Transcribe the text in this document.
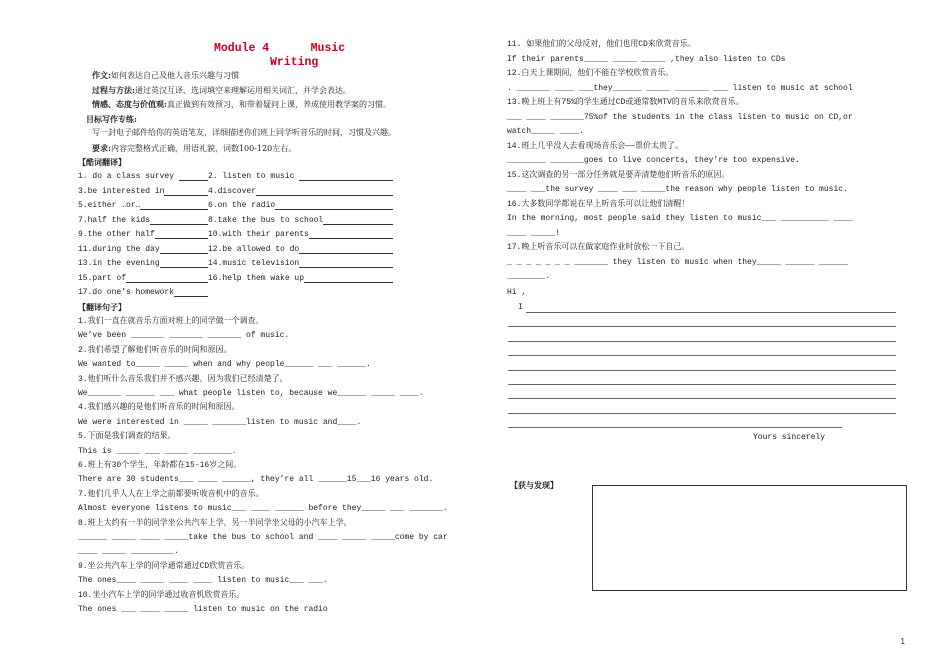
Module 4	Music
Writing
作文:如何表达自己及他人音乐兴趣与习惯
过程与方法:通过英汉互译、选词填空来理解运用相关词汇，并学会表达。
情感、态度与价值观:真正做到有效预习，和带着疑问上课，养成使用教学案的习惯。
目标写作专练:
写一封电子邮件给你的英语笔友，详细描述你们班上同学听音乐的时间，习惯及兴趣。
要求:内容完整格式正确，用语礼貌，词数100-120左右。
【酷词翻译】
1. do a class survey	2. listen to music
3.be interested in	4.discover
5.either …or…	6.on the radio
7.half the kids	8.take the bus to school
9.the other half	10.with their parents
11.during the day	12.be allowed to do
13.in the evening	14.music television
15.part of	16.help them wake up
17.do one’s homework
【翻译句子】
1.我们一直在就音乐方面对班上的同学做一个调查。
We’ve been _______ _______ _______ of music.
2.我们希望了解他们听音乐的时间和原因。
We wanted to_____ _____ when and why people______ ___ ______.
3.他们听什么音乐我们并不感兴趣，因为我们已经清楚了。
We_______ ______ ___ what people listen to, because we______ _____ ____.
4.我们感兴趣的是他们听音乐的时间和原因。
We were interested in _____ _______listen to music and____.
5.下面是我们调查的结果。
This is _____ ___ _____ ________.
6.班上有30个学生，年龄都在15-16岁之间。
There are 30 students___ ____ ______, they’re all ______15___16 years old.
7.他们几乎人人在上学之前都要听收音机中的音乐。
Almost everyone listens to music___ ____ ______ before they_____ ___ _______.
8.班上大约有一半的同学坐公共汽车上学，另一半同学坐父母的小汽车上学。
______ _____ ____ _____take the bus to school and ____ _____ _____come by car
____ _____ _________.
9.坐公共汽车上学的同学通常通过CD欣赏音乐。
The ones____ _____ ____ ____ listen to music___ ___.
10.坐小汽车上学的同学通过收音机欣赏音乐。
The ones ___ ____ _____ listen to music on the radio
11. 如果他们的父母反对，他们也用CD来欣赏音乐。
If their parents_____ _____ _____ ,they also listen to CDs
12.白天上课期间，他们不能在学校欣赏音乐。
. _______ ____ ___they______ _____ _______ ___ listen to music at school
13.晚上班上有75%的学生通过CD或通常数MTV的音乐来欣赏音乐。
___ ____ _______75%of the students in the class listen to music on CD,or
watch_____ ____.
14.班上几乎没人去看现场音乐会——票价太贵了。
________ _______goes to live concerts, they’re too expensive.
15.这次调查的另一部分任务就是要弄清楚他们听音乐的原因。
____ ___the survey ____ ___ _____the reason why people listen to music.
16.大多数同学都说在早上听音乐可以让他们清醒！
In the morning, most people said they listen to music___ __________ ____
____ _____!
17.晚上听音乐可以在做家庭作业时放松一下自己。
_ _ _ _ _ _ _ _______ they listen to music when they_____ ______ ______
________.
Hi ,
I
Yours sincerely
【获与发现】
1
